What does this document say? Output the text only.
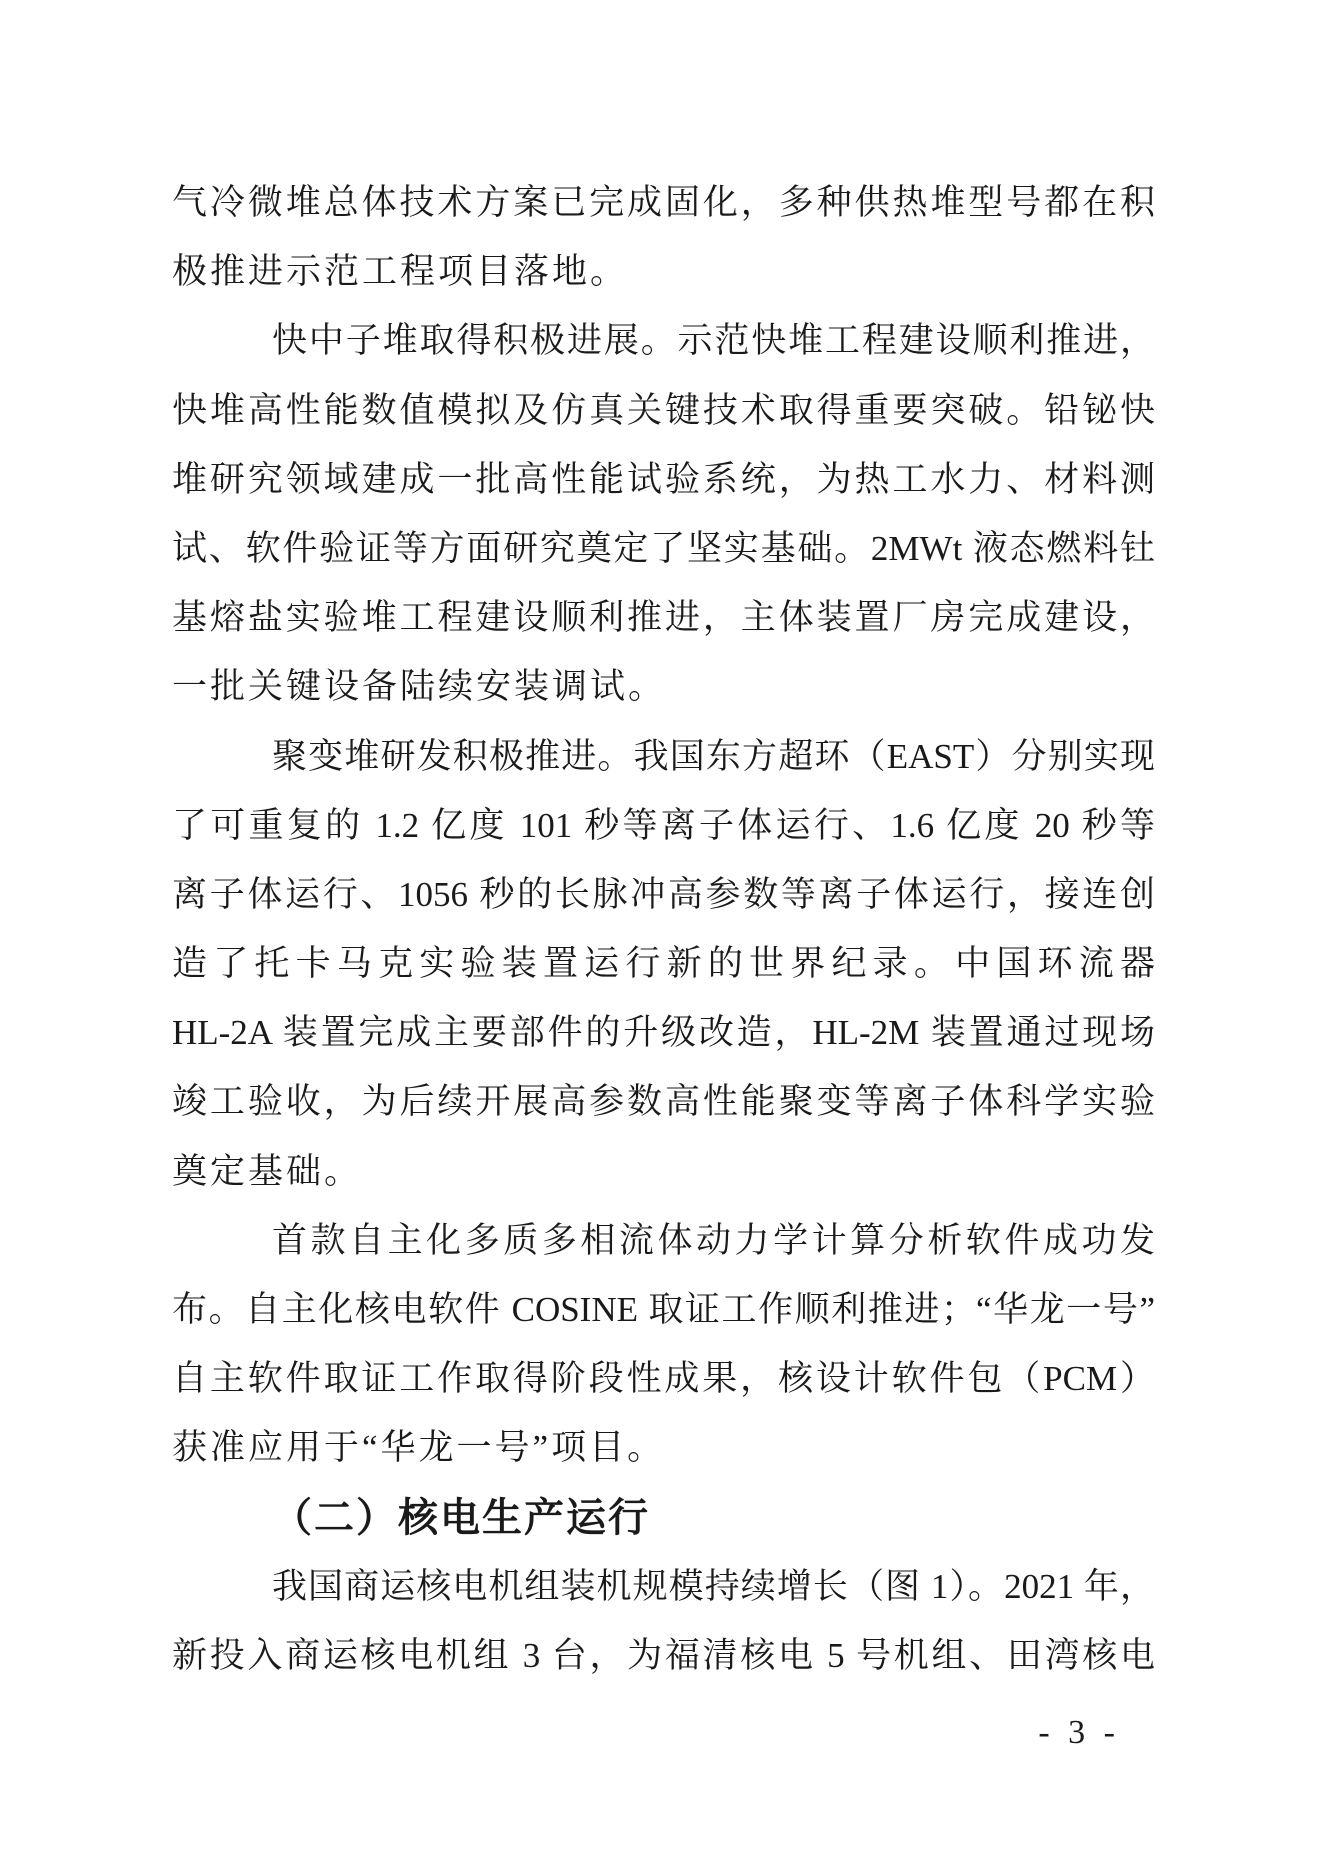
气冷微堆总体技术方案已完成固化，多种供热堆型号都在积
极推进示范工程项目落地。
快中子堆取得积极进展。示范快堆工程建设顺利推进，
快堆高性能数值模拟及仿真关键技术取得重要突破。铅铋快
堆研究领域建成一批高性能试验系统，为热工水力、材料测
试、软件验证等方面研究奠定了坚实基础。2MWt 液态燃料钍
基熔盐实验堆工程建设顺利推进，主体装置厂房完成建设，
一批关键设备陆续安装调试。
聚变堆研发积极推进。我国东方超环（EAST）分别实现
了可重复的 1.2 亿度 101 秒等离子体运行、1.6 亿度 20 秒等
离子体运行、1056 秒的长脉冲高参数等离子体运行，接连创
造了托卡马克实验装置运行新的世界纪录。中国环流器
HL-2A 装置完成主要部件的升级改造，HL-2M 装置通过现场
竣工验收，为后续开展高参数高性能聚变等离子体科学实验
奠定基础。
首款自主化多质多相流体动力学计算分析软件成功发
布。自主化核电软件 COSINE 取证工作顺利推进；“华龙一号”
自主软件取证工作取得阶段性成果，核设计软件包（PCM）
获准应用于“华龙一号”项目。
（二）核电生产运行
我国商运核电机组装机规模持续增长（图 1）。2021 年，
新投入商运核电机组 3 台，为福清核电 5 号机组、田湾核电
- 3 -
